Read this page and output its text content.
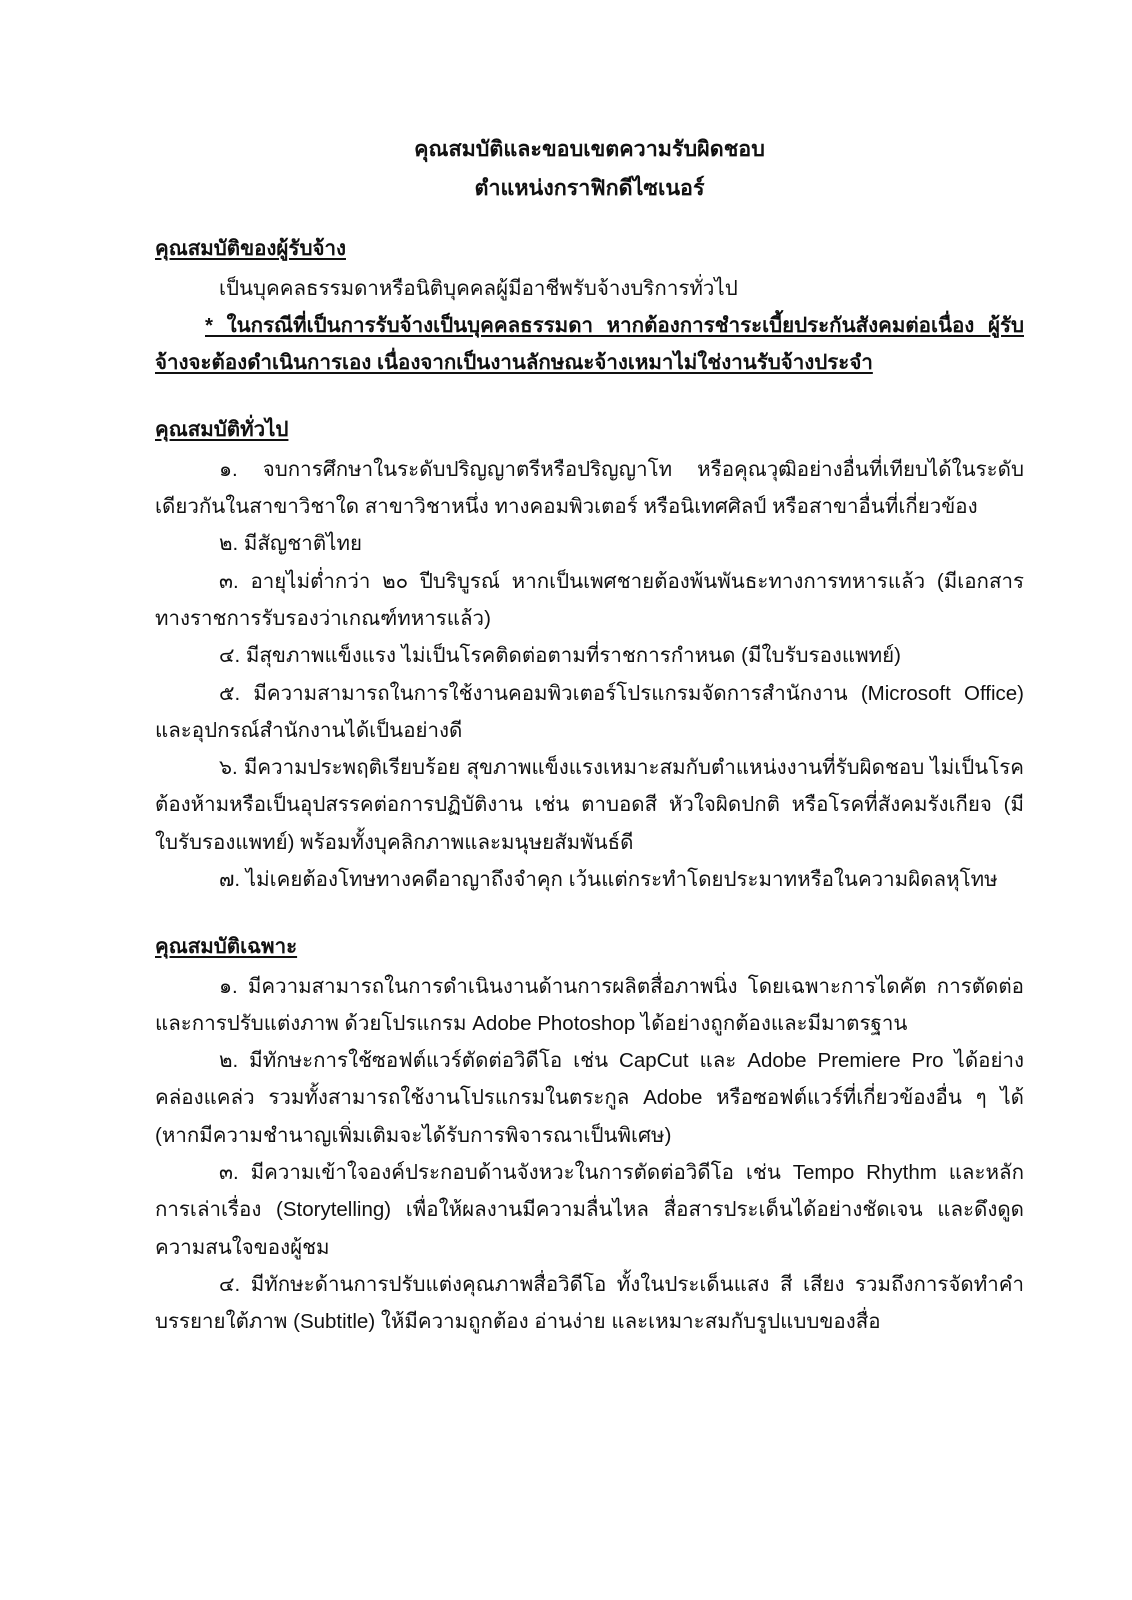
คุณสมบัติและขอบเขตความรับผิดชอบ
ตำแหน่งกราฟิกดีไซเนอร์
คุณสมบัติของผู้รับจ้าง

เป็นบุคคลธรรมดาหรือนิติบุคคลผู้มีอาชีพรับจ้างบริการทั่วไป

* ในกรณีที่เป็นการรับจ้างเป็นบุคคลธรรมดา หากต้องการชำระเบี้ยประกันสังคมต่อเนื่อง ผู้รับจ้างจะต้องดำเนินการเอง เนื่องจากเป็นงานลักษณะจ้างเหมาไม่ใช่งานรับจ้างประจำ

คุณสมบัติทั่วไป

๑. จบการศึกษาในระดับปริญญาตรีหรือปริญญาโท หรือคุณวุฒิอย่างอื่นที่เทียบได้ในระดับเดียวกันในสาขาวิชาใด สาขาวิชาหนึ่ง ทางคอมพิวเตอร์ หรือนิเทศศิลป์ หรือสาขาอื่นที่เกี่ยวข้อง

๒. มีสัญชาติไทย

๓. อายุไม่ต่ำกว่า ๒๐ ปีบริบูรณ์ หากเป็นเพศชายต้องพ้นพันธะทางการทหารแล้ว (มีเอกสารทางราชการรับรองว่าเกณฑ์ทหารแล้ว)

๔. มีสุขภาพแข็งแรง ไม่เป็นโรคติดต่อตามที่ราชการกำหนด (มีใบรับรองแพทย์)

๕. มีความสามารถในการใช้งานคอมพิวเตอร์โปรแกรมจัดการสำนักงาน (Microsoft Office) และอุปกรณ์สำนักงานได้เป็นอย่างดี

๖. มีความประพฤติเรียบร้อย สุขภาพแข็งแรงเหมาะสมกับตำแหน่งงานที่รับผิดชอบ ไม่เป็นโรคต้องห้ามหรือเป็นอุปสรรคต่อการปฏิบัติงาน เช่น ตาบอดสี หัวใจผิดปกติ หรือโรคที่สังคมรังเกียจ (มีใบรับรองแพทย์) พร้อมทั้งบุคลิกภาพและมนุษยสัมพันธ์ดี

๗. ไม่เคยต้องโทษทางคดีอาญาถึงจำคุก เว้นแต่กระทำโดยประมาทหรือในความผิดลหุโทษ

คุณสมบัติเฉพาะ

๑. มีความสามารถในการดำเนินงานด้านการผลิตสื่อภาพนิ่ง โดยเฉพาะการไดคัต การตัดต่อ และการปรับแต่งภาพ ด้วยโปรแกรม Adobe Photoshop ได้อย่างถูกต้องและมีมาตรฐาน

๒. มีทักษะการใช้ซอฟต์แวร์ตัดต่อวิดีโอ เช่น CapCut และ Adobe Premiere Pro ได้อย่างคล่องแคล่ว รวมทั้งสามารถใช้งานโปรแกรมในตระกูล Adobe หรือซอฟต์แวร์ที่เกี่ยวข้องอื่น ๆ ได้ (หากมีความชำนาญเพิ่มเติมจะได้รับการพิจารณาเป็นพิเศษ)

๓. มีความเข้าใจองค์ประกอบด้านจังหวะในการตัดต่อวิดีโอ เช่น Tempo Rhythm และหลักการเล่าเรื่อง (Storytelling) เพื่อให้ผลงานมีความลื่นไหล สื่อสารประเด็นได้อย่างชัดเจน และดึงดูดความสนใจของผู้ชม

๔. มีทักษะด้านการปรับแต่งคุณภาพสื่อวิดีโอ ทั้งในประเด็นแสง สี เสียง รวมถึงการจัดทำคำบรรยายใต้ภาพ (Subtitle) ให้มีความถูกต้อง อ่านง่าย และเหมาะสมกับรูปแบบของสื่อ
